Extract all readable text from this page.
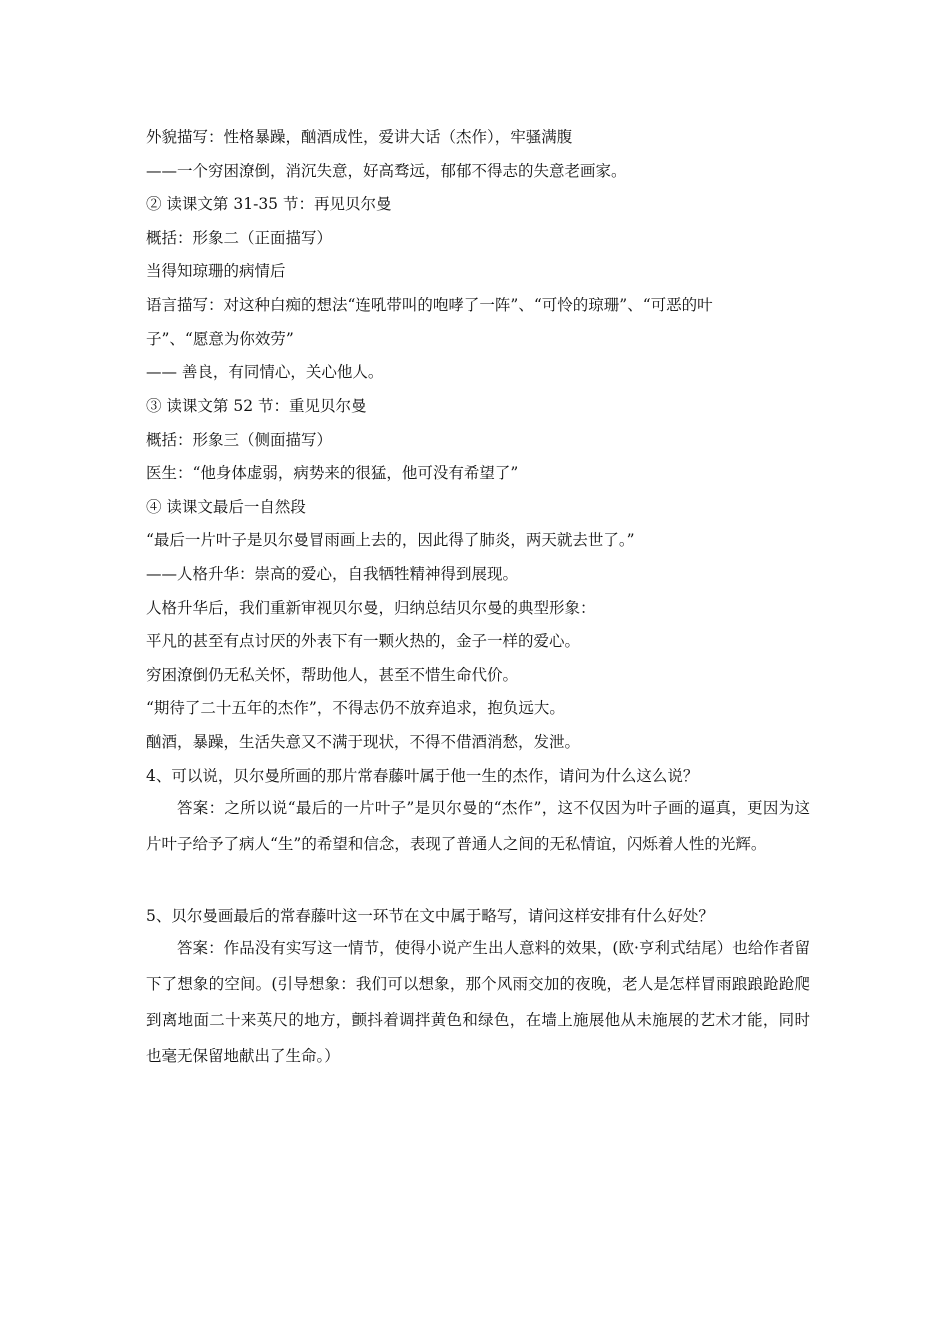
外貌描写：性格暴躁，酗酒成性，爱讲大话（杰作），牢骚满腹
——一个穷困潦倒，消沉失意，好高骛远，郁郁不得志的失意老画家。
② 读课文第 31-35 节：再见贝尔曼
概括：形象二（正面描写）
当得知琼珊的病情后
语言描写：对这种白痴的想法“连吼带叫的咆哮了一阵”、“可怜的琼珊”、“可恶的叶
子”、“愿意为你效劳”
—— 善良，有同情心，关心他人。
③ 读课文第 52 节：重见贝尔曼
概括：形象三（侧面描写）
医生：“他身体虚弱，病势来的很猛，他可没有希望了”
④ 读课文最后一自然段
“最后一片叶子是贝尔曼冒雨画上去的，因此得了肺炎，两天就去世了。”
——人格升华：崇高的爱心，自我牺牲精神得到展现。
人格升华后，我们重新审视贝尔曼，归纳总结贝尔曼的典型形象：
平凡的甚至有点讨厌的外表下有一颗火热的，金子一样的爱心。
穷困潦倒仍无私关怀，帮助他人，甚至不惜生命代价。
“期待了二十五年的杰作”，不得志仍不放弃追求，抱负远大。
酗酒，暴躁，生活失意又不满于现状，不得不借酒消愁，发泄。
4、可以说，贝尔曼所画的那片常春藤叶属于他一生的杰作，请问为什么这么说？
答案：之所以说“最后的一片叶子”是贝尔曼的“杰作”，这不仅因为叶子画的逼真，更因为这片叶子给予了病人“生”的希望和信念，表现了普通人之间的无私情谊，闪烁着人性的光辉。
5、贝尔曼画最后的常春藤叶这一环节在文中属于略写，请问这样安排有什么好处？
答案：作品没有实写这一情节，使得小说产生出人意料的效果，(欧·亨利式结尾）也给作者留下了想象的空间。(引导想象：我们可以想象，那个风雨交加的夜晚，老人是怎样冒雨踉踉跄跄爬到离地面二十来英尺的地方，颤抖着调拌黄色和绿色，在墙上施展他从未施展的艺术才能，同时也毫无保留地献出了生命。）
